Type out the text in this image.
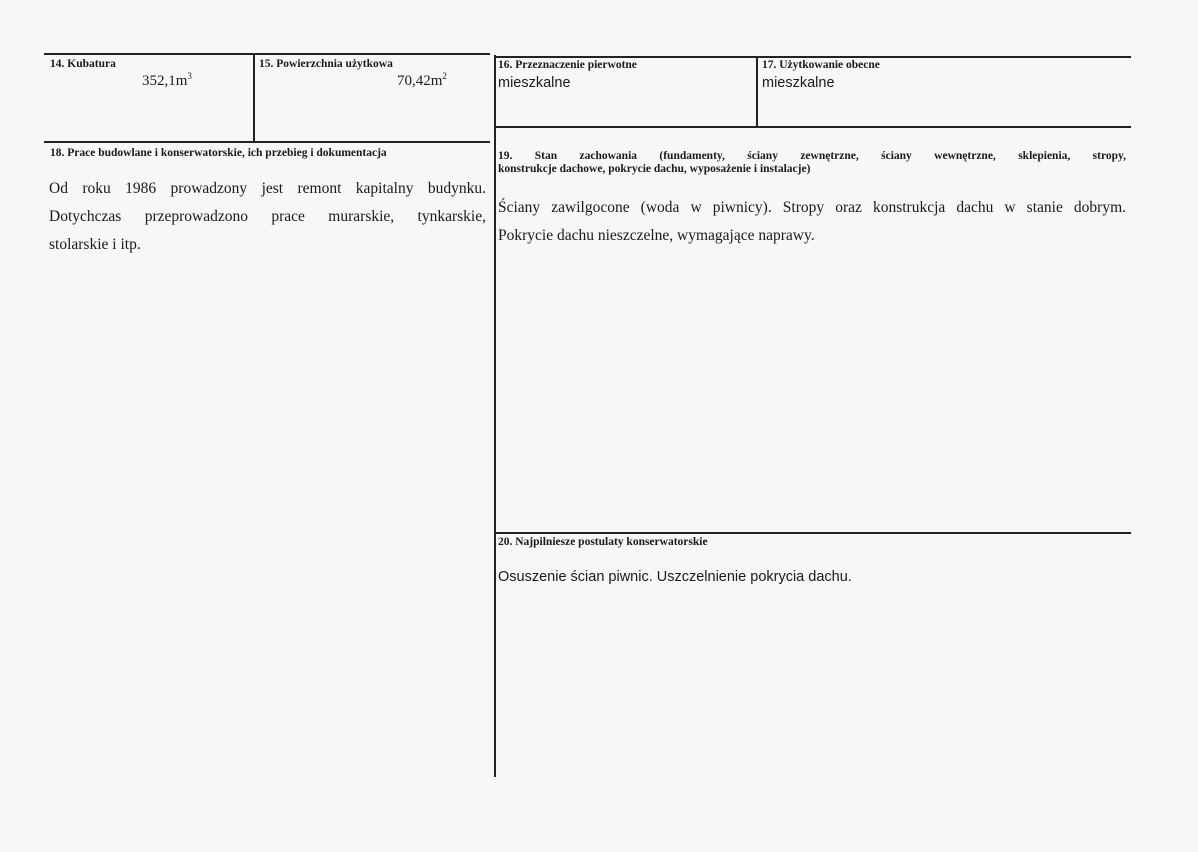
14. Kubatura
$352,1m^3$
15. Powierzchnia użytkowa
$70,42m^2$
16. Przeznaczenie pierwotne
mieszkalne
17. Użytkowanie obecne
mieszkalne
18. Prace budowlane i konserwatorskie, ich przebieg i dokumentacja
Od roku 1986 prowadzony jest remont kapitalny budynku.
Dotychczas przeprowadzono prace murarskie, tynkarskie,
stolarskie i itp.
19. Stan zachowania (fundamenty, ściany zewnętrzne, ściany wewnętrzne, sklepienia, stropy,
konstrukcje dachowe, pokrycie dachu, wyposażenie i instalacje)
Ściany zawilgocone (woda w piwnicy). Stropy oraz konstrukcja dachu w stanie dobrym.
Pokrycie dachu nieszczelne, wymagające naprawy.
20. Najpilniesze postulaty konserwatorskie
Osuszenie ścian piwnic. Uszczelnienie pokrycia dachu.
